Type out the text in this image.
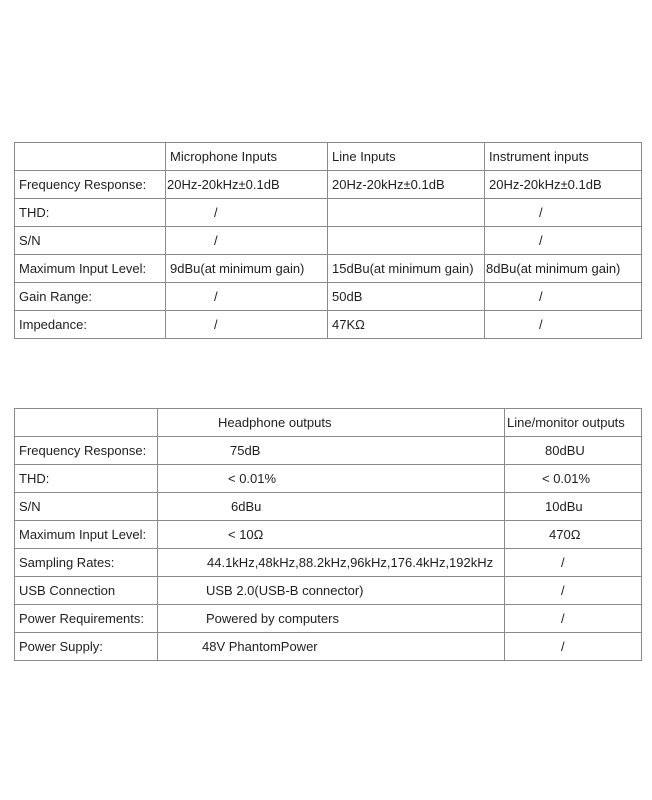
	Microphone Inputs	Line Inputs	Instrument inputs
Frequency Response:	20Hz-20kHz±0.1dB	20Hz-20kHz±0.1dB	20Hz-20kHz±0.1dB
THD:	/		/
S/N	/		/
Maximum Input Level:	9dBu(at minimum gain)	15dBu(at minimum gain)	8dBu(at minimum gain)
Gain Range:	/	50dB	/
Impedance:	/	47KΩ	/
	Headphone outputs	Line/monitor outputs
Frequency Response:	75dB	80dBU
THD:	< 0.01%	< 0.01%
S/N	6dBu	10dBu
Maximum Input Level:	< 10Ω	470Ω
Sampling Rates:	44.1kHz,48kHz,88.2kHz,96kHz,176.4kHz,192kHz	/
USB Connection	USB 2.0(USB-B connector)	/
Power Requirements:	Powered by computers	/
Power Supply:	48V PhantomPower	/
